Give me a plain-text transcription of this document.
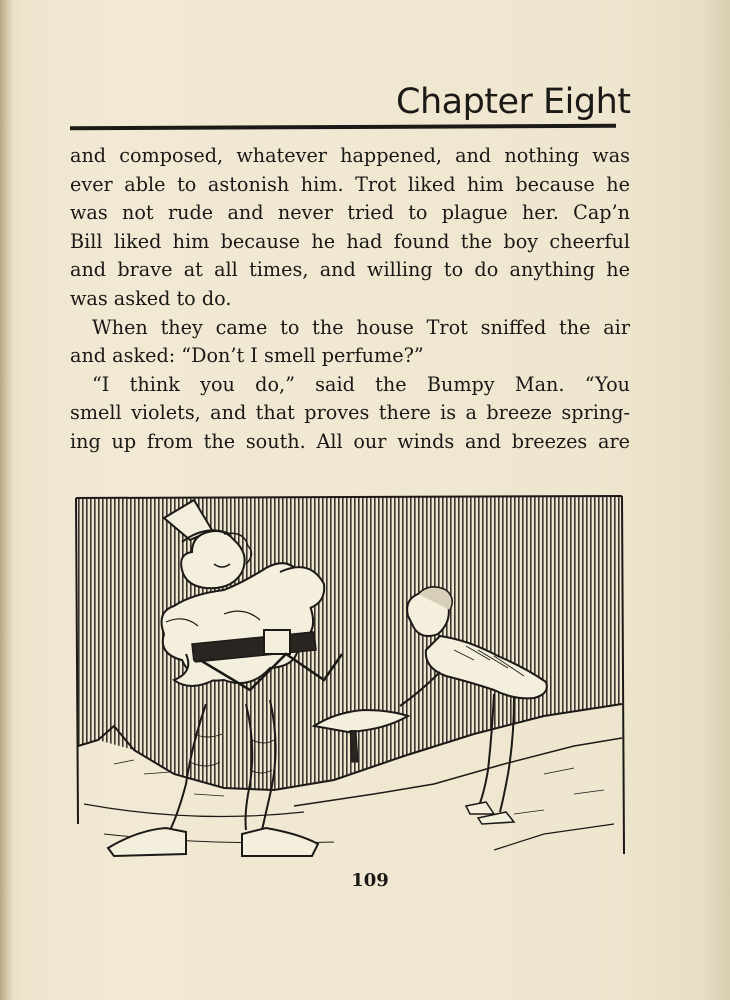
Chapter Eight
and composed, whatever happened, and nothing was
ever able to astonish him. Trot liked him because he
was not rude and never tried to plague her. Cap’n
Bill liked him because he had found the boy cheerful
and brave at all times, and willing to do anything he
was asked to do.
When they came to the house Trot sniffed the air
and asked: “Don’t I smell perfume?”
“I think you do,” said the Bumpy Man. “You
smell violets, and that proves there is a breeze spring-
ing up from the south. All our winds and breezes are
109
